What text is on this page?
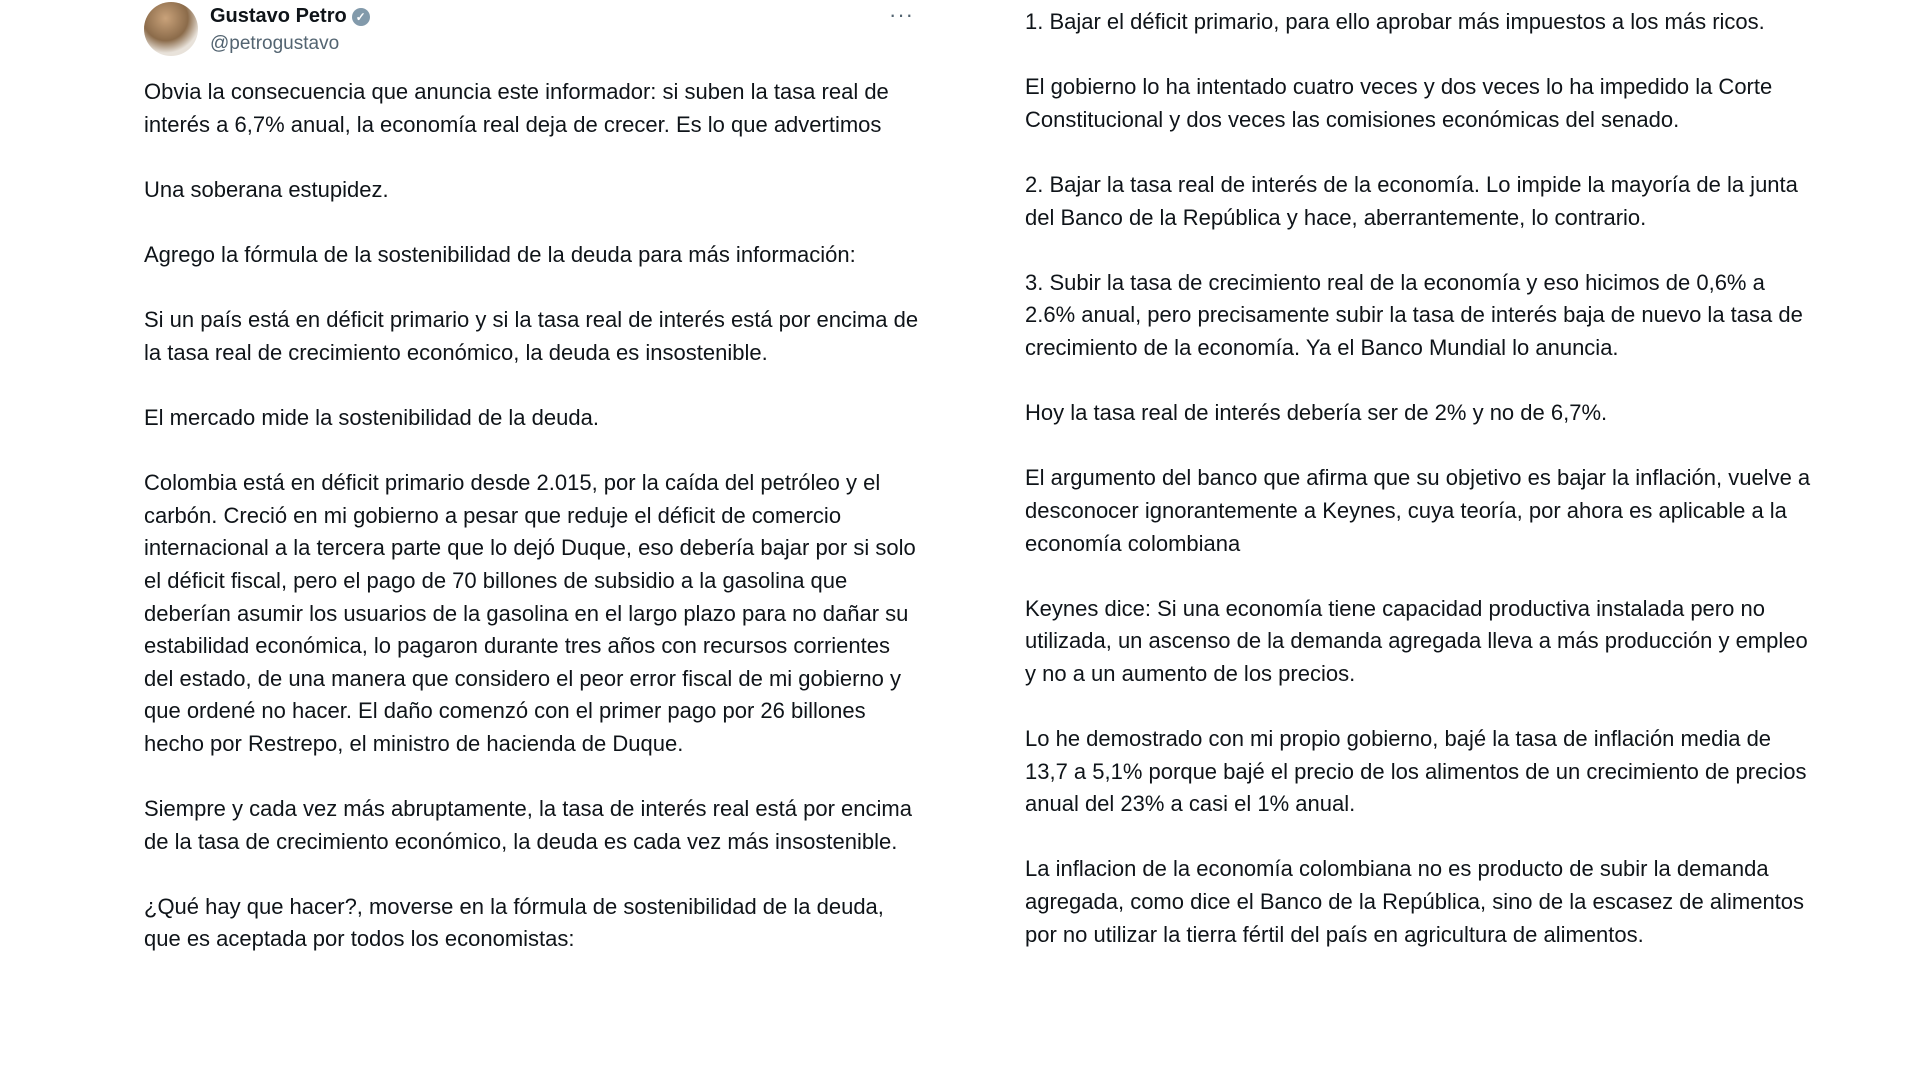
Gustavo Petro ✓
@petrogustavo
···

Obvia la consecuencia que anuncia este informador: si suben la tasa real de interés a 6,7% anual, la economía real deja de crecer. Es lo que advertimos

Una soberana estupidez.

Agrego la fórmula de la sostenibilidad de la deuda para más información:

Si un país está en déficit primario y si la tasa real de interés está por encima de la tasa real de crecimiento económico, la deuda es insostenible.

El mercado mide la sostenibilidad de la deuda.

Colombia está en déficit primario desde 2.015, por la caída del petróleo y el carbón. Creció en mi gobierno a pesar que reduje el déficit de comercio internacional a la tercera parte que lo dejó Duque, eso debería bajar por si solo el déficit fiscal, pero el pago de 70 billones de subsidio a la gasolina que deberían asumir los usuarios de la gasolina en el largo plazo para no dañar su estabilidad económica, lo pagaron durante tres años con recursos corrientes del estado, de una manera que considero el peor error fiscal de mi gobierno y que ordené no hacer. El daño comenzó con el primer pago por 26 billones hecho por Restrepo, el ministro de hacienda de Duque.

Siempre y cada vez más abruptamente, la tasa de interés real está por encima de la tasa de crecimiento económico, la deuda es cada vez más insostenible.

¿Qué hay que hacer?, moverse en la fórmula de sostenibilidad de la deuda, que es aceptada por todos los economistas:

1. Bajar el déficit primario, para ello aprobar más impuestos a los más ricos.

El gobierno lo ha intentado cuatro veces y dos veces lo ha impedido la Corte Constitucional y dos veces las comisiones económicas del senado.

2. Bajar la tasa real de interés de la economía. Lo impide la mayoría de la junta del Banco de la República y hace, aberrantemente, lo contrario.

3. Subir la tasa de crecimiento real de la economía y eso hicimos de 0,6% a 2.6% anual, pero precisamente subir la tasa de interés baja de nuevo la tasa de crecimiento de la economía. Ya el Banco Mundial lo anuncia.

Hoy la tasa real de interés debería ser de 2% y no de 6,7%.

El argumento del banco que afirma que su objetivo es bajar la inflación, vuelve a desconocer ignorantemente a Keynes, cuya teoría, por ahora es aplicable a la economía colombiana

Keynes dice: Si una economía tiene capacidad productiva instalada pero no utilizada, un ascenso de la demanda agregada lleva a más producción y empleo y no a un aumento de los precios.

Lo he demostrado con mi propio gobierno, bajé la tasa de inflación media de 13,7 a 5,1% porque bajé el precio de los alimentos de un crecimiento de precios anual del 23% a casi el 1% anual.

La inflacion de la economía colombiana no es producto de subir la demanda agregada, como dice el Banco de la República, sino de la escasez de alimentos por no utilizar la tierra fértil del país en agricultura de alimentos.
